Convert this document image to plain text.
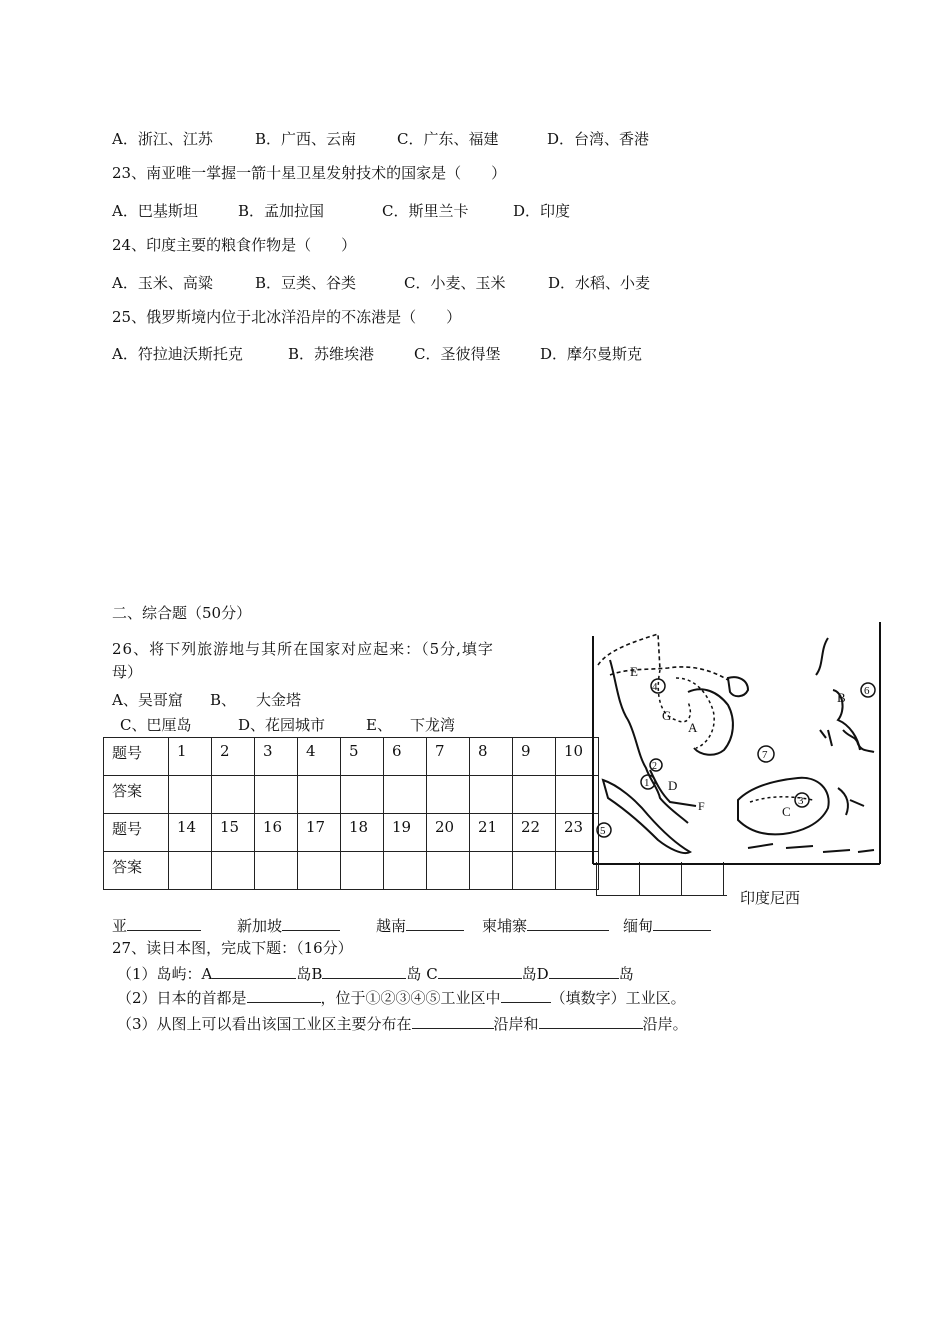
A．浙江、江苏	B．广西、云南	C．广东、福建	D．台湾、香港
23、南亚唯一掌握一箭十星卫星发射技术的国家是（　　）
A．巴基斯坦	B．孟加拉国	C．斯里兰卡	D．印度
24、印度主要的粮食作物是（　　）
A．玉米、高粱	B．豆类、谷类	C．小麦、玉米	D．水稻、小麦
25、俄罗斯境内位于北冰洋沿岸的不冻港是（　　）
A．符拉迪沃斯托克	B．苏维埃港	C．圣彼得堡	D．摩尔曼斯克
二、综合题（50分）
26、将下列旅游地与其所在国家对应起来：（5分,填字
母）
A、吴哥窟 B、 大金塔
C、巴厘岛	D、花园城市	E、 下龙湾
题号	1	2	3	4	5	6	7	8	9	10
答案										
题号	14	15	16	17	18	19	20	21	22	23
答案										
E
4
G
A
B 6
7
2
1 D
F	3
C
5
印度尼西
亚	新加坡	越南	柬埔寨	缅甸
27、读日本图，完成下题：（16分）
（1）岛屿：A	岛B	岛 C	岛D	岛
（2）日本的首都是	，位于①②③④⑤工业区中	（填数字）工业区。
（3）从图上可以看出该国工业区主要分布在	沿岸和	沿岸。
